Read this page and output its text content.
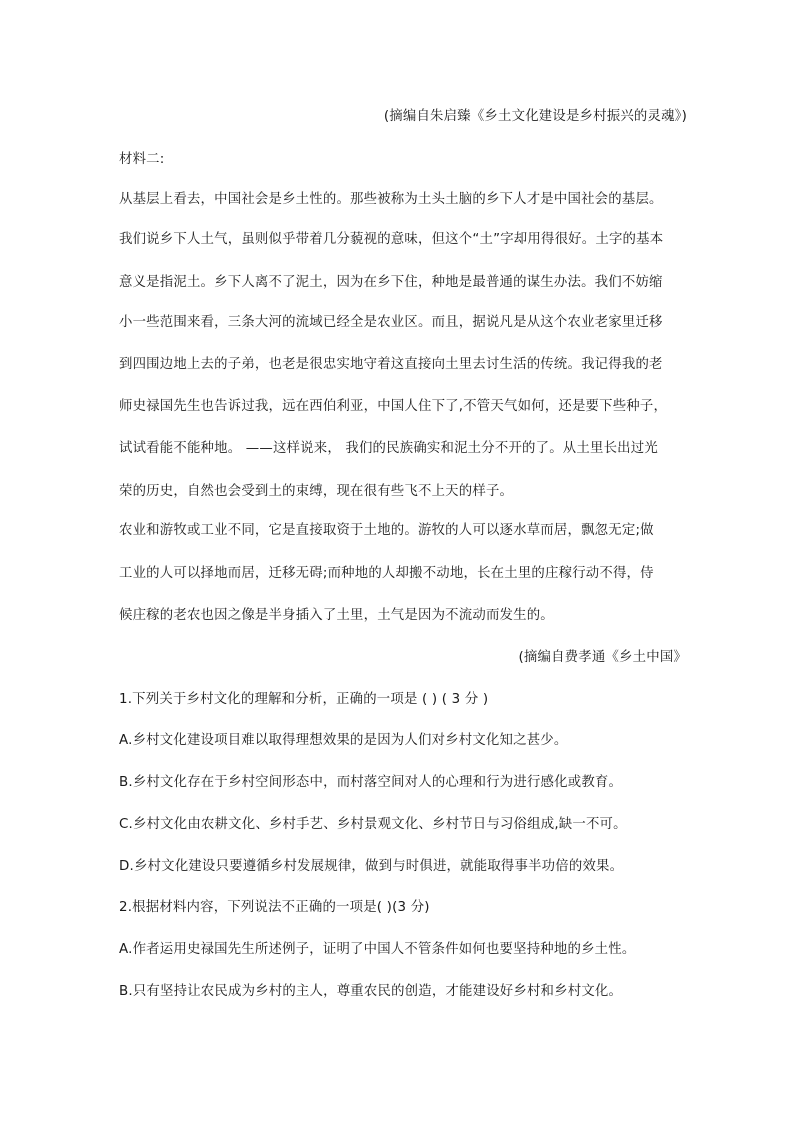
(摘编自朱启臻《乡土文化建设是乡村振兴的灵魂》)
材料二:
从基层上看去，中国社会是乡土性的。那些被称为土头土脑的乡下人才是中国社会的基层。
我们说乡下人土气，虽则似乎带着几分藐视的意味，但这个“土”字却用得很好。土字的基本
意义是指泥土。乡下人离不了泥土，因为在乡下住，种地是最普通的谋生办法。我们不妨缩
小一些范围来看，三条大河的流域已经全是农业区。而且，据说凡是从这个农业老家里迁移
到四围边地上去的子弟，也老是很忠实地守着这直接向土里去讨生活的传统。我记得我的老
师史禄国先生也告诉过我，远在西伯利亚，中国人住下了,不管天气如何，还是要下些种子，
试试看能不能种地。 ——这样说来， 我们的民族确实和泥土分不开的了。从土里长出过光
荣的历史，自然也会受到土的束缚，现在很有些飞不上天的样子。
农业和游牧或工业不同，它是直接取资于土地的。游牧的人可以逐水草而居，飘忽无定;做
工业的人可以择地而居，迁移无碍;而种地的人却搬不动地，长在土里的庄稼行动不得，侍
候庄稼的老农也因之像是半身插入了土里，土气是因为不流动而发生的。
(摘编自费孝通《乡土中国》
1.下列关于乡村文化的理解和分析，正确的一项是 ( ) ( 3 分 )
A.乡村文化建设项目难以取得理想效果的是因为人们对乡村文化知之甚少。
B.乡村文化存在于乡村空间形态中，而村落空间对人的心理和行为进行感化或教育。
C.乡村文化由农耕文化、乡村手艺、乡村景观文化、乡村节日与习俗组成,缺一不可。
D.乡村文化建设只要遵循乡村发展规律，做到与时俱进，就能取得事半功倍的效果。
2.根据材料内容，下列说法不正确的一项是( )(3 分)
A.作者运用史禄国先生所述例子，证明了中国人不管条件如何也要坚持种地的乡土性。
B.只有坚持让农民成为乡村的主人，尊重农民的创造，才能建设好乡村和乡村文化。
